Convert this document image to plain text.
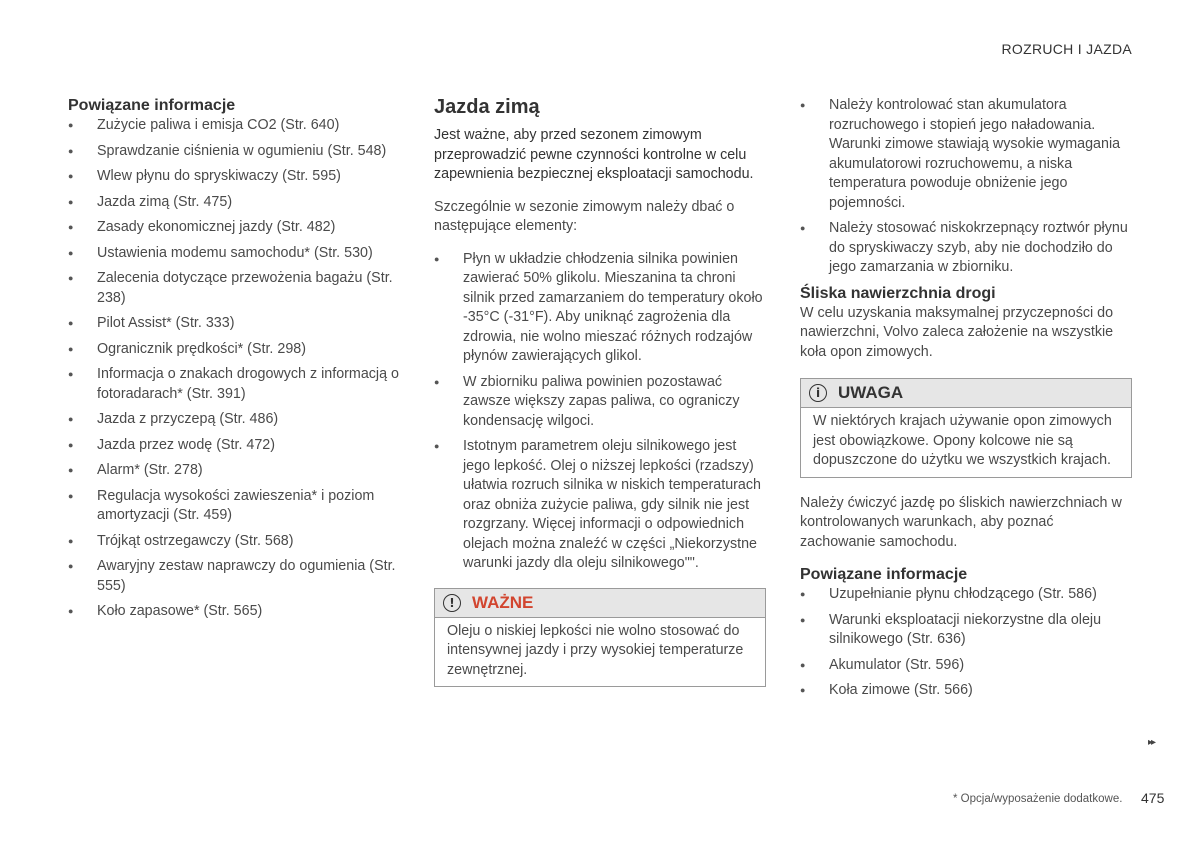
ROZRUCH I JAZDA
Powiązane informacje
● Zużycie paliwa i emisja CO2 (Str. 640)
● Sprawdzanie ciśnienia w ogumieniu (Str. 548)
● Wlew płynu do spryskiwaczy (Str. 595)
● Jazda zimą (Str. 475)
● Zasady ekonomicznej jazdy (Str. 482)
● Ustawienia modemu samochodu* (Str. 530)
● Zalecenia dotyczące przewożenia bagażu (Str. 238)
● Pilot Assist* (Str. 333)
● Ogranicznik prędkości* (Str. 298)
● Informacja o znakach drogowych z informacją o fotoradarach* (Str. 391)
● Jazda z przyczepą (Str. 486)
● Jazda przez wodę (Str. 472)
● Alarm* (Str. 278)
● Regulacja wysokości zawieszenia* i poziom amortyzacji (Str. 459)
● Trójkąt ostrzegawczy (Str. 568)
● Awaryjny zestaw naprawczy do ogumienia (Str. 555)
● Koło zapasowe* (Str. 565)
Jazda zimą

Jest ważne, aby przed sezonem zimowym przeprowadzić pewne czynności kontrolne w celu zapewnienia bezpiecznej eksploatacji samochodu.

Szczególnie w sezonie zimowym należy dbać o następujące elementy:

● Płyn w układzie chłodzenia silnika powinien zawierać 50% glikolu. Mieszanina ta chroni silnik przed zamarzaniem do temperatury około -35°C (-31°F). Aby uniknąć zagrożenia dla zdrowia, nie wolno mieszać różnych rodzajów płynów zawierających glikol.
● W zbiorniku paliwa powinien pozostawać zawsze większy zapas paliwa, co ograniczy kondensację wilgoci.
● Istotnym parametrem oleju silnikowego jest jego lepkość. Olej o niższej lepkości (rzadszy) ułatwia rozruch silnika w niskich temperaturach oraz obniża zużycie paliwa, gdy silnik nie jest rozgrzany. Więcej informacji o odpowiednich olejach można znaleźć w części „Niekorzystne warunki jazdy dla oleju silnikowego"".
!	WAŻNE
Oleju o niskiej lepkości nie wolno stosować do intensywnej jazdy i przy wysokiej temperaturze zewnętrznej.
● Należy kontrolować stan akumulatora rozruchowego i stopień jego naładowania. Warunki zimowe stawiają wysokie wymagania akumulatorowi rozruchowemu, a niska temperatura powoduje obniżenie jego pojemności.
● Należy stosować niskokrzepnący roztwór płynu do spryskiwaczy szyb, aby nie dochodziło do jego zamarzania w zbiorniku.
Śliska nawierzchnia drogi

W celu uzyskania maksymalnej przyczepności do nawierzchni, Volvo zaleca założenie na wszystkie koła opon zimowych.

i	UWAGA
W niektórych krajach używanie opon zimowych jest obowiązkowe. Opony kolcowe nie są dopuszczone do użytku we wszystkich krajach.

Należy ćwiczyć jazdę po śliskich nawierzchniach w kontrolowanych warunkach, aby poznać zachowanie samochodu.

Powiązane informacje
● Uzupełnianie płynu chłodzącego (Str. 586)
● Warunki eksploatacji niekorzystne dla oleju silnikowego (Str. 636)
● Akumulator (Str. 596)
● Koła zimowe (Str. 566)
▸▸
* Opcja/wyposażenie dodatkowe. 475
